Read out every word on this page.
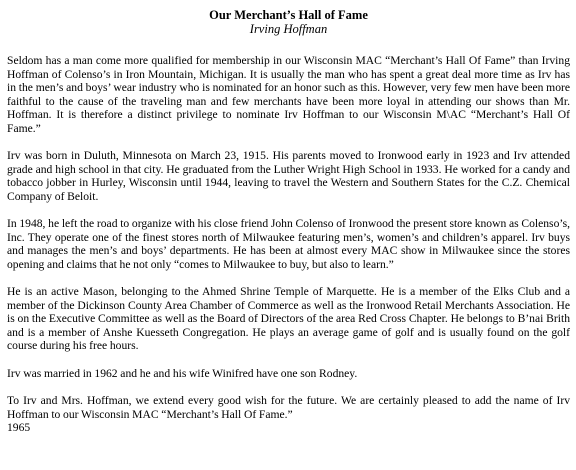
Our Merchant’s Hall of Fame
Irving Hoffman

Seldom has a man come more qualified for membership in our Wisconsin MAC “Merchant’s Hall Of Fame” than Irving Hoffman of Colenso’s in Iron Mountain, Michigan. It is usually the man who has spent a great deal more time as Irv has in the men’s and boys’ wear industry who is nominated for an honor such as this. However, very few men have been more faithful to the cause of the traveling man and few merchants have been more loyal in attending our shows than Mr. Hoffman. It is therefore a distinct privilege to nominate Irv Hoffman to our Wisconsin M\AC “Merchant’s Hall Of Fame.”

Irv was born in Duluth, Minnesota on March 23, 1915. His parents moved to Ironwood early in 1923 and Irv attended grade and high school in that city. He graduated from the Luther Wright High School in 1933. He worked for a candy and tobacco jobber in Hurley, Wisconsin until 1944, leaving to travel the Western and Southern States for the C.Z. Chemical Company of Beloit.

In 1948, he left the road to organize with his close friend John Colenso of Ironwood the present store known as Colenso’s, Inc. They operate one of the finest stores north of Milwaukee featuring men’s, women’s and children’s apparel. Irv buys and manages the men’s and boys’ departments. He has been at almost every MAC show in Milwaukee since the stores opening and claims that he not only “comes to Milwaukee to buy, but also to learn.”

He is an active Mason, belonging to the Ahmed Shrine Temple of Marquette. He is a member of the Elks Club and a member of the Dickinson County Area Chamber of Commerce as well as the Ironwood Retail Merchants Association. He is on the Executive Committee as well as the Board of Directors of the area Red Cross Chapter. He belongs to B’nai Brith and is a member of Anshe Kuesseth Congregation. He plays an average game of golf and is usually found on the golf course during his free hours.

Irv was married in 1962 and he and his wife Winifred have one son Rodney.

To Irv and Mrs. Hoffman, we extend every good wish for the future. We are certainly pleased to add the name of Irv Hoffman to our Wisconsin MAC “Merchant’s Hall Of Fame.”

1965
